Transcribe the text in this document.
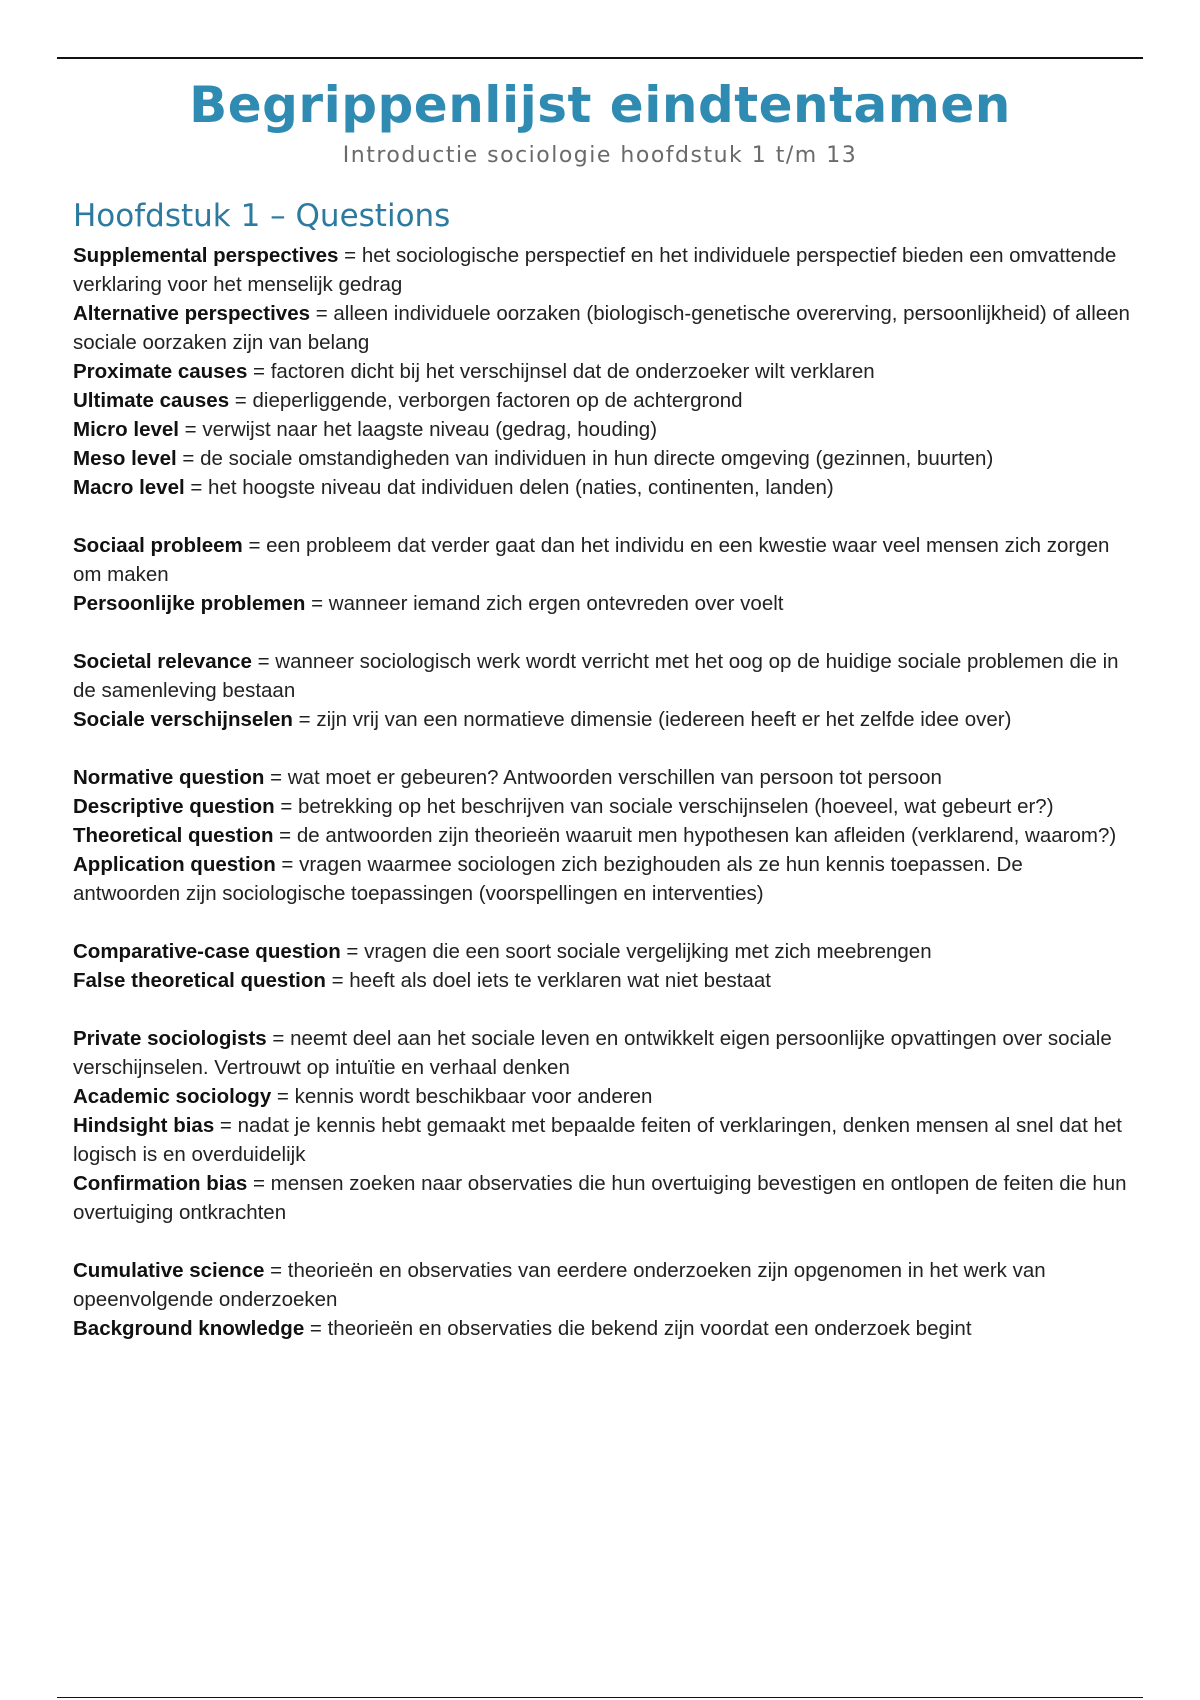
Begrippenlijst eindtentamen
Introductie sociologie hoofdstuk 1 t/m 13
Hoofdstuk 1 – Questions

Supplemental perspectives = het sociologische perspectief en het individuele perspectief bieden een omvattende verklaring voor het menselijk gedrag

Alternative perspectives = alleen individuele oorzaken (biologisch-genetische overerving, persoonlijkheid) of alleen sociale oorzaken zijn van belang

Proximate causes = factoren dicht bij het verschijnsel dat de onderzoeker wilt verklaren

Ultimate causes = dieperliggende, verborgen factoren op de achtergrond

Micro level = verwijst naar het laagste niveau (gedrag, houding)

Meso level = de sociale omstandigheden van individuen in hun directe omgeving (gezinnen, buurten)

Macro level = het hoogste niveau dat individuen delen (naties, continenten, landen)

Sociaal probleem = een probleem dat verder gaat dan het individu en een kwestie waar veel mensen zich zorgen om maken

Persoonlijke problemen = wanneer iemand zich ergen ontevreden over voelt

Societal relevance = wanneer sociologisch werk wordt verricht met het oog op de huidige sociale problemen die in de samenleving bestaan

Sociale verschijnselen = zijn vrij van een normatieve dimensie (iedereen heeft er het zelfde idee over)

Normative question = wat moet er gebeuren? Antwoorden verschillen van persoon tot persoon

Descriptive question = betrekking op het beschrijven van sociale verschijnselen (hoeveel, wat gebeurt er?)

Theoretical question = de antwoorden zijn theorieën waaruit men hypothesen kan afleiden (verklarend, waarom?)

Application question = vragen waarmee sociologen zich bezighouden als ze hun kennis toepassen. De antwoorden zijn sociologische toepassingen (voorspellingen en interventies)

Comparative-case question = vragen die een soort sociale vergelijking met zich meebrengen

False theoretical question = heeft als doel iets te verklaren wat niet bestaat

Private sociologists = neemt deel aan het sociale leven en ontwikkelt eigen persoonlijke opvattingen over sociale verschijnselen. Vertrouwt op intuïtie en verhaal denken

Academic sociology = kennis wordt beschikbaar voor anderen

Hindsight bias = nadat je kennis hebt gemaakt met bepaalde feiten of verklaringen, denken mensen al snel dat het logisch is en overduidelijk

Confirmation bias = mensen zoeken naar observaties die hun overtuiging bevestigen en ontlopen de feiten die hun overtuiging ontkrachten

Cumulative science = theorieën en observaties van eerdere onderzoeken zijn opgenomen in het werk van opeenvolgende onderzoeken

Background knowledge = theorieën en observaties die bekend zijn voordat een onderzoek begint
